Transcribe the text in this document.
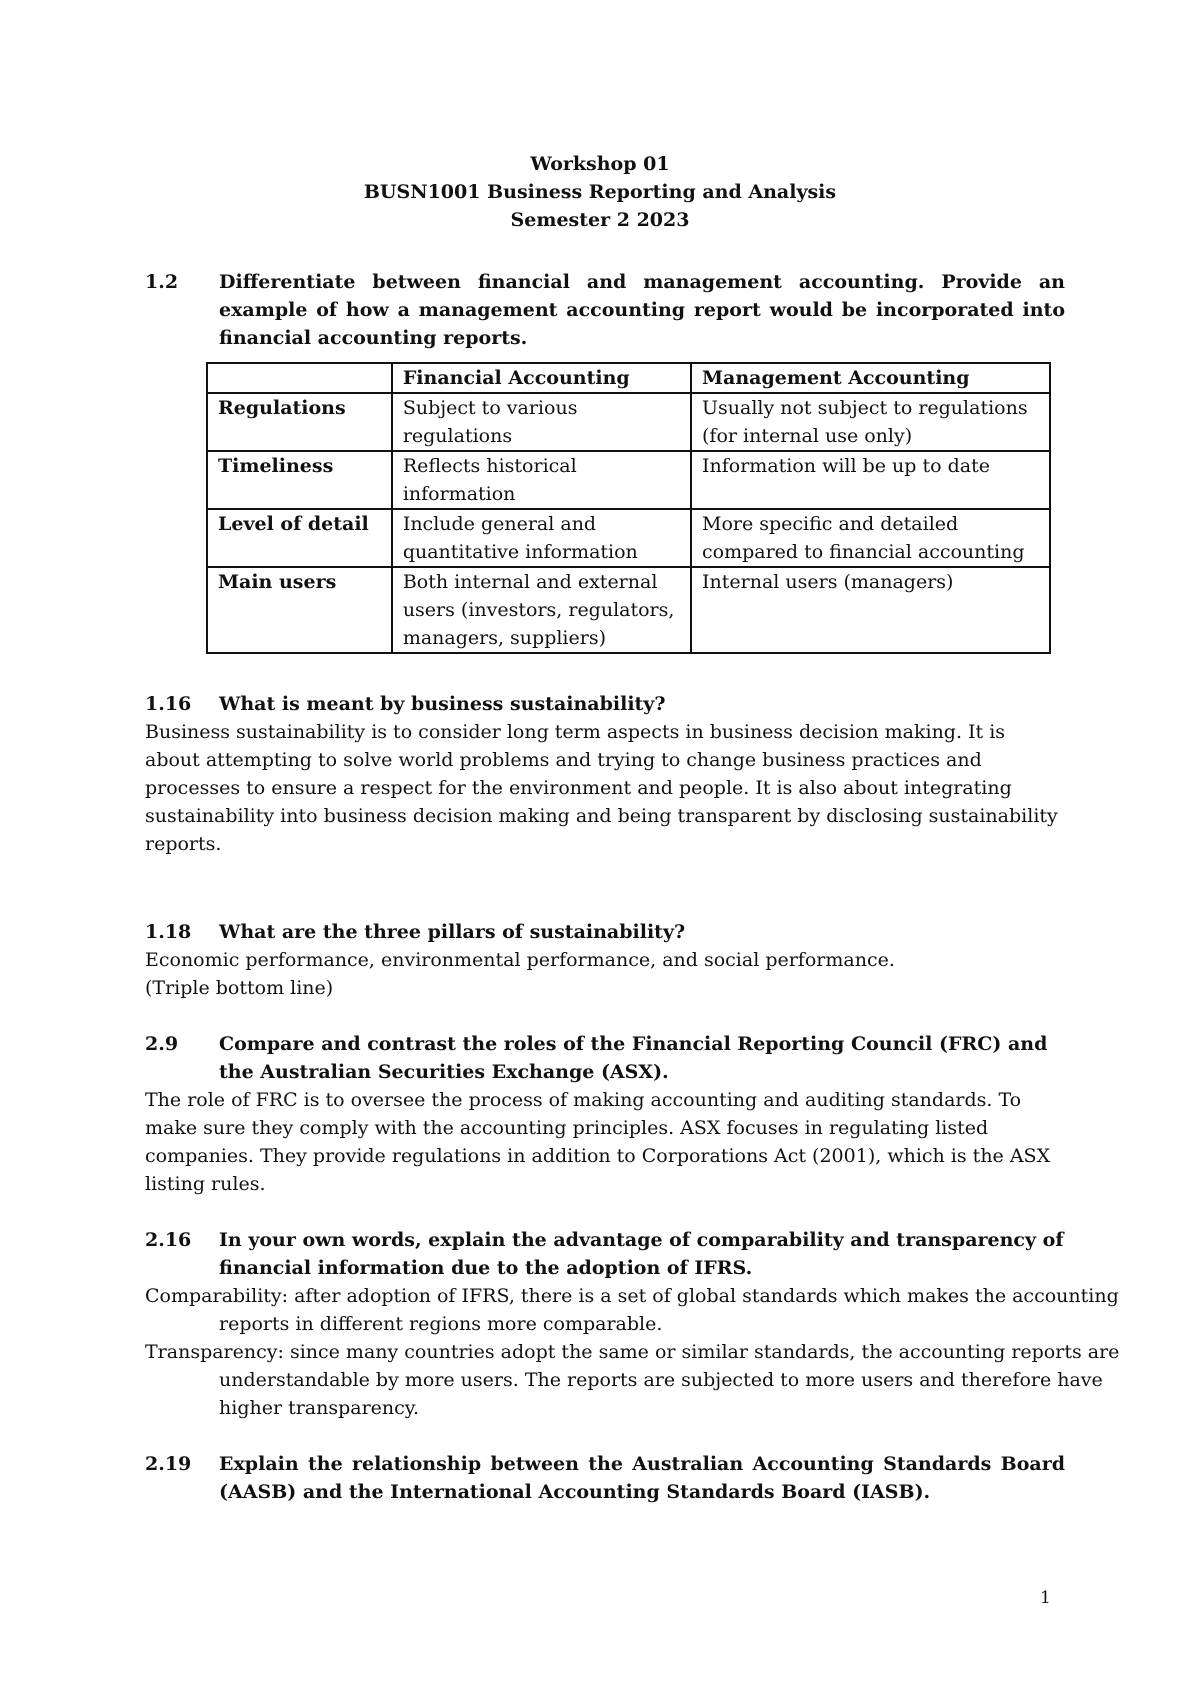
Workshop 01
BUSN1001 Business Reporting and Analysis
Semester 2 2023
1.2 Differentiate between financial and management accounting. Provide an example of how a management accounting report would be incorporated into financial accounting reports.
	Financial Accounting	Management Accounting
Regulations	Subject to various regulations	Usually not subject to regulations (for internal use only)
Timeliness	Reflects historical information	Information will be up to date
Level of detail	Include general and quantitative information	More specific and detailed compared to financial accounting
Main users	Both internal and external users (investors, regulators, managers, suppliers)	Internal users (managers)
1.16 What is meant by business sustainability?
Business sustainability is to consider long term aspects in business decision making. It is about attempting to solve world problems and trying to change business practices and processes to ensure a respect for the environment and people. It is also about integrating sustainability into business decision making and being transparent by disclosing sustainability reports.
1.18 What are the three pillars of sustainability?
Economic performance, environmental performance, and social performance.
(Triple bottom line)
2.9 Compare and contrast the roles of the Financial Reporting Council (FRC) and the Australian Securities Exchange (ASX).
The role of FRC is to oversee the process of making accounting and auditing standards. To make sure they comply with the accounting principles. ASX focuses in regulating listed companies. They provide regulations in addition to Corporations Act (2001), which is the ASX listing rules.
2.16 In your own words, explain the advantage of comparability and transparency of financial information due to the adoption of IFRS.
Comparability: after adoption of IFRS, there is a set of global standards which makes the accounting reports in different regions more comparable.
Transparency: since many countries adopt the same or similar standards, the accounting reports are understandable by more users. The reports are subjected to more users and therefore have higher transparency.
2.19 Explain the relationship between the Australian Accounting Standards Board (AASB) and the International Accounting Standards Board (IASB).
1
